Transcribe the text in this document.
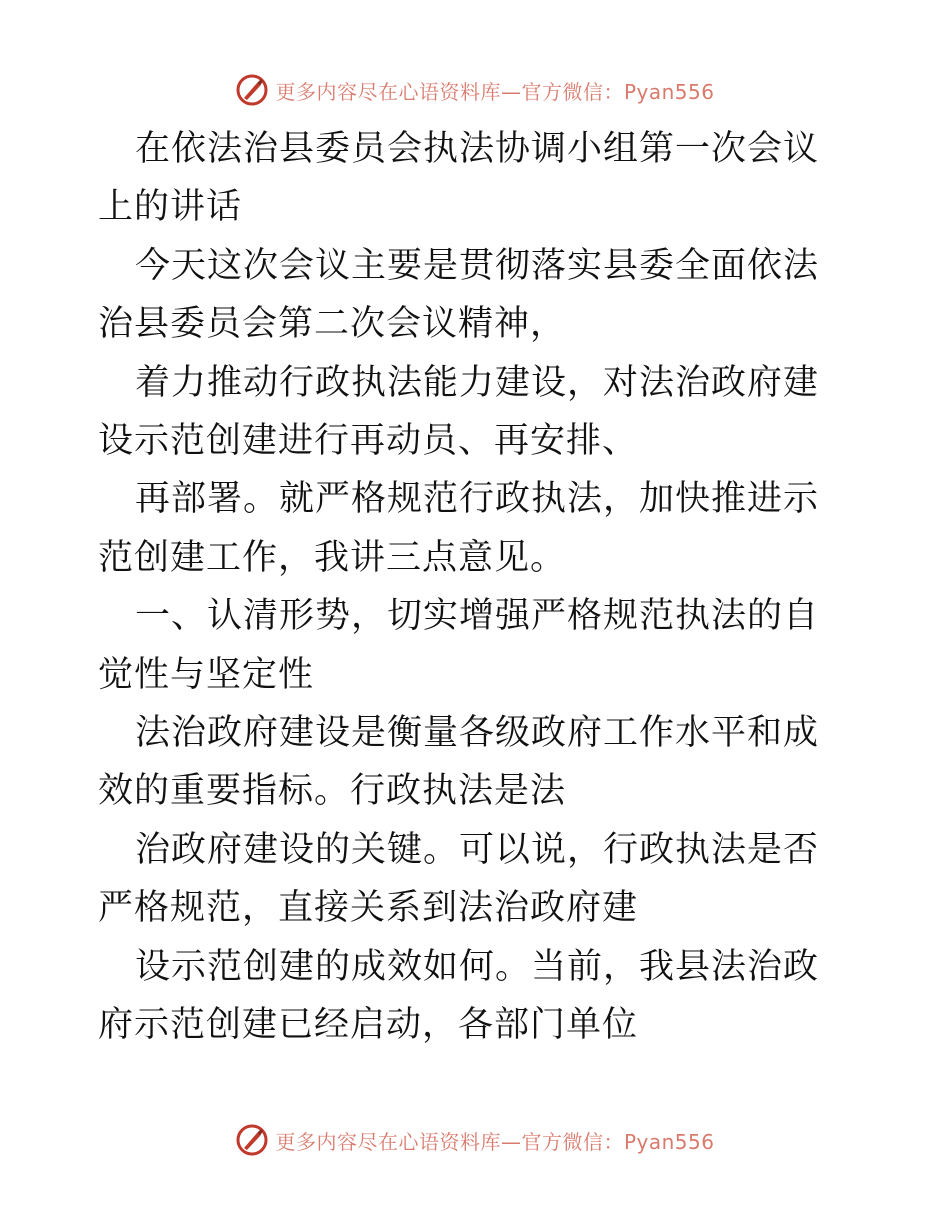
更多内容尽在心语资料库—官方微信：Pyan556

在依法治县委员会执法协调小组第一次会议上的讲话

今天这次会议主要是贯彻落实县委全面依法治县委员会第二次会议精神，

着力推动行政执法能力建设，对法治政府建设示范创建进行再动员、再安排、

再部署。就严格规范行政执法，加快推进示范创建工作，我讲三点意见。

一、认清形势，切实增强严格规范执法的自觉性与坚定性

法治政府建设是衡量各级政府工作水平和成效的重要指标。行政执法是法

治政府建设的关键。可以说，行政执法是否严格规范，直接关系到法治政府建

设示范创建的成效如何。当前，我县法治政府示范创建已经启动，各部门单位

更多内容尽在心语资料库—官方微信：Pyan556
